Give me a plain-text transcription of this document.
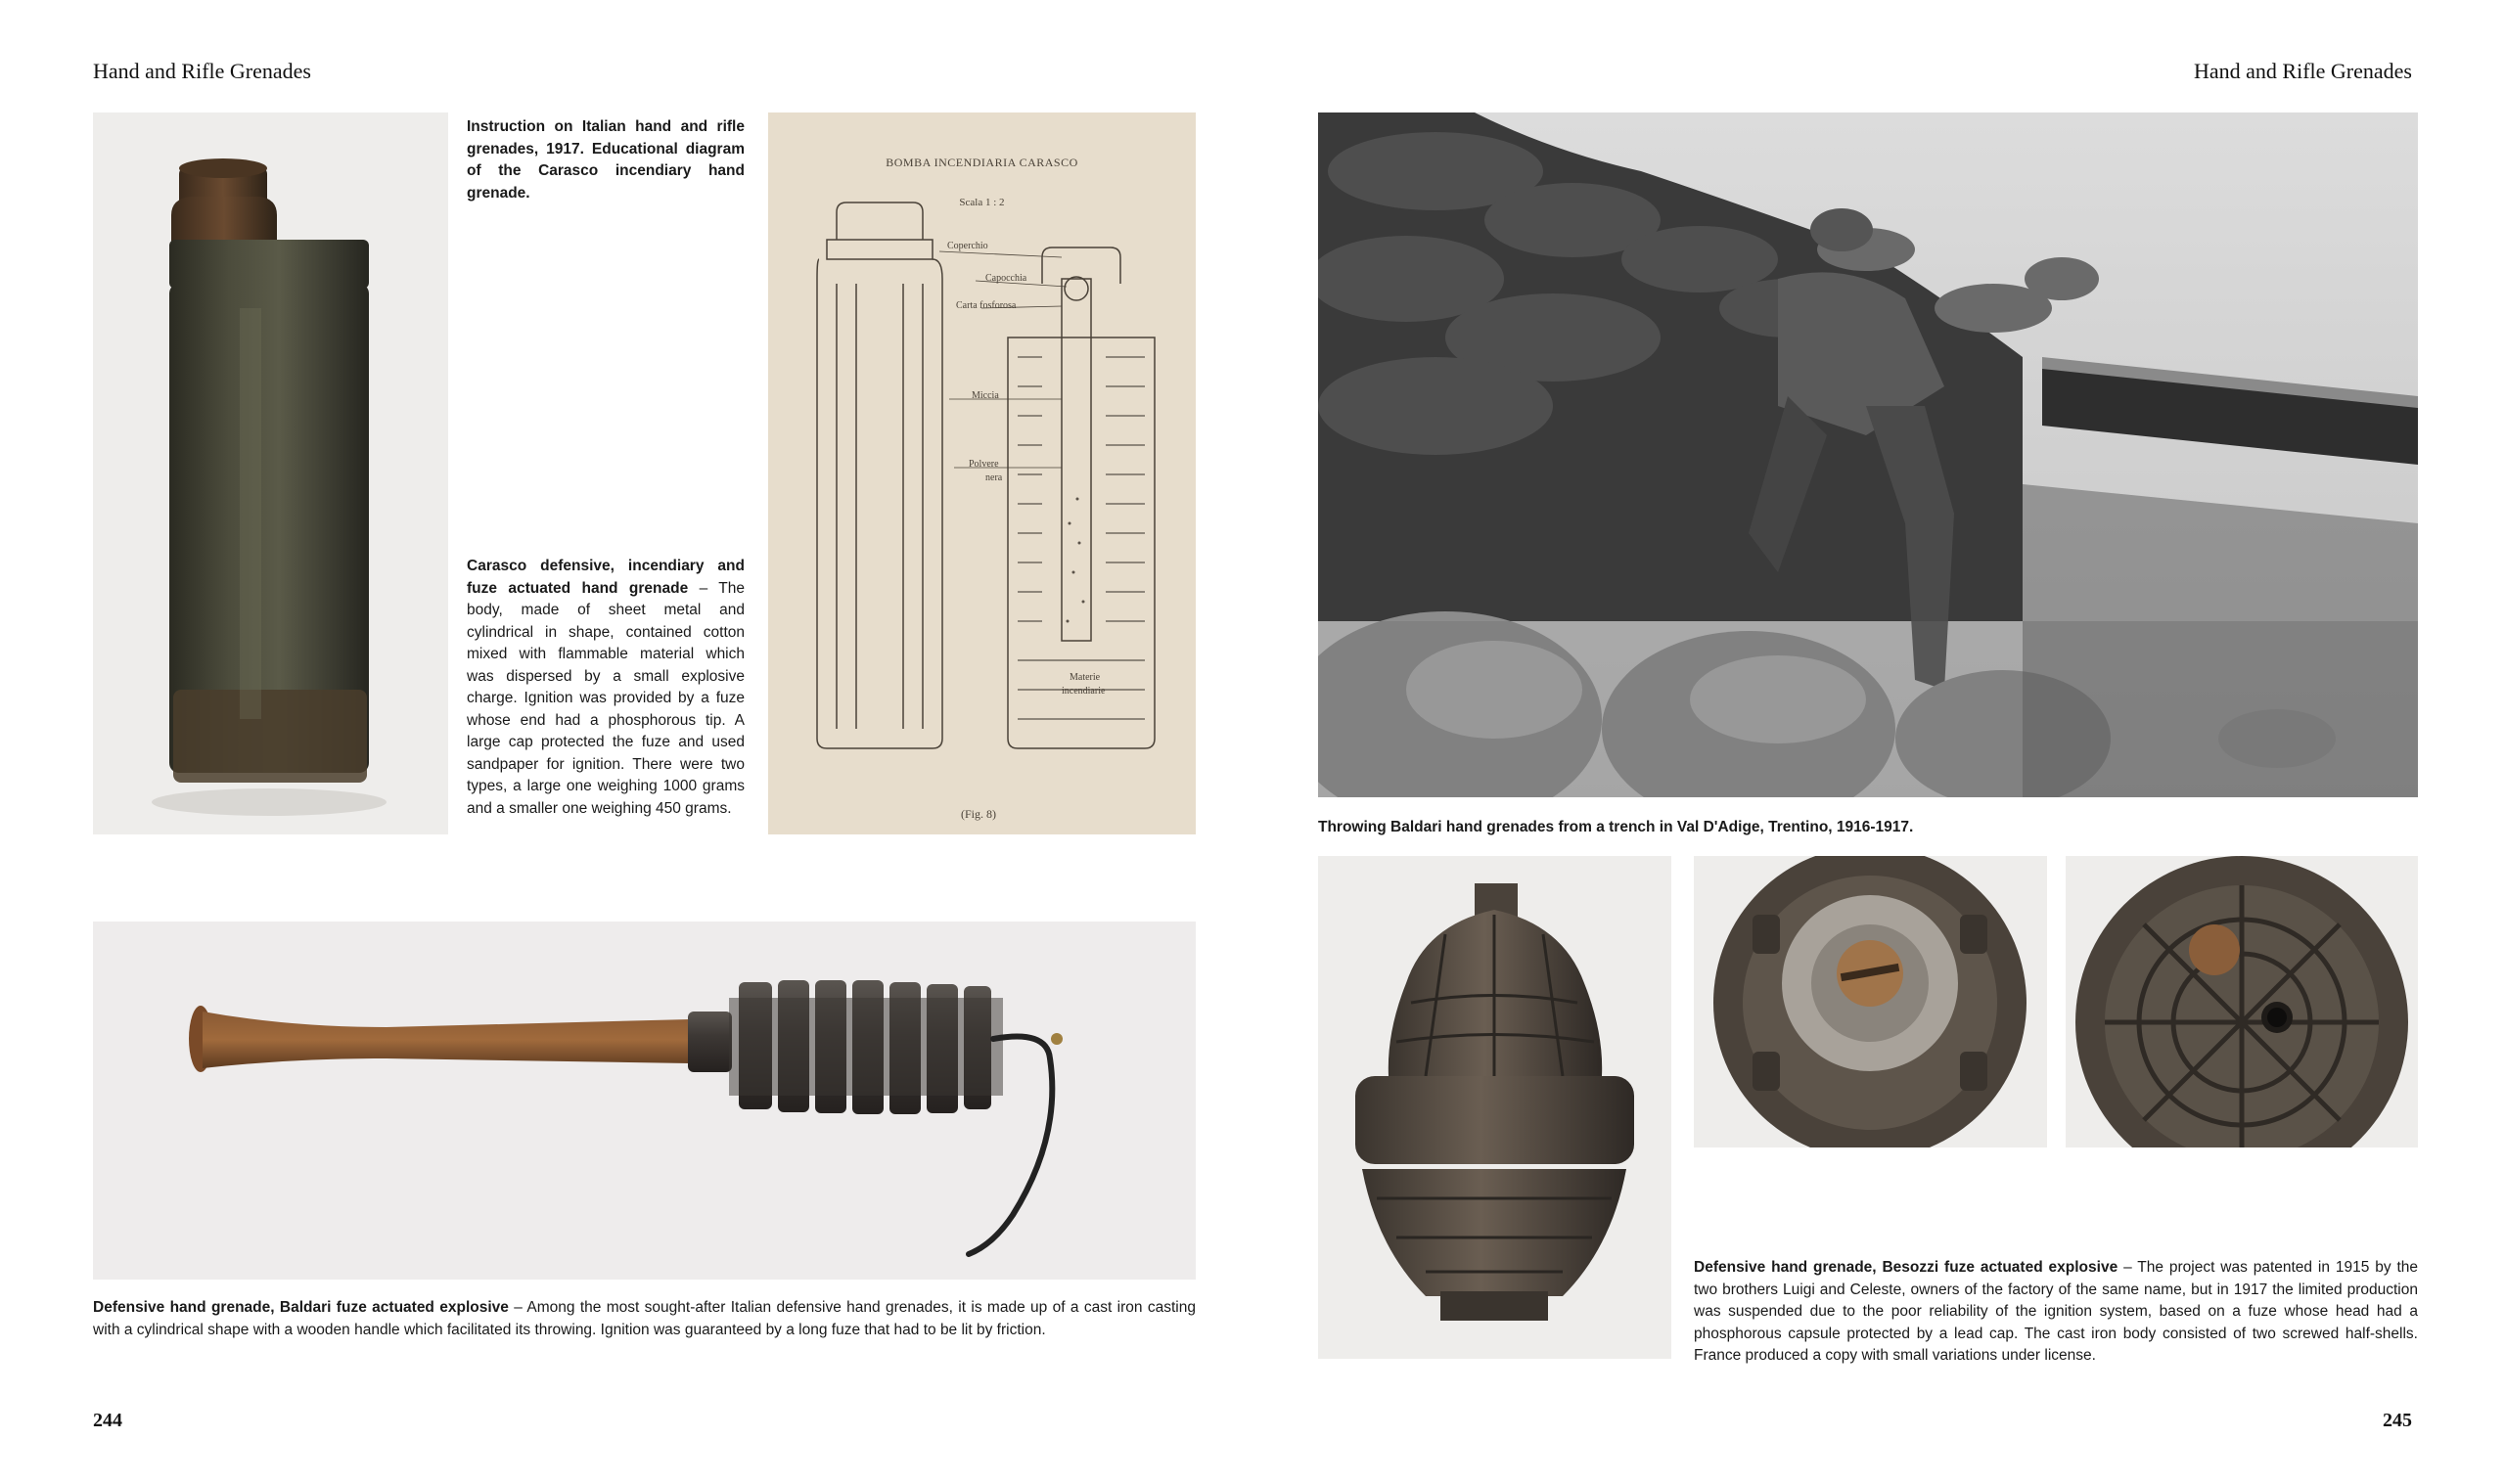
Hand and Rifle Grenades
Instruction on Italian hand and rifle grenades, 1917. Educational diagram of the Carasco incendiary hand grenade.
Carasco defensive, incendiary and fuze actuated hand grenade – The body, made of sheet metal and cylindrical in shape, contained cotton mixed with flammable material which was dispersed by a small explosive charge. Ignition was provided by a fuze whose end had a phosphorous tip. A large cap protected the fuze and used sandpaper for ignition. There were two types, a large one weighing 1000 grams and a smaller one weighing 450 grams.
BOMBA INCENDIARIA CARASCO
Scala 1 : 2
Coperchio
Capocchia
Carta fosforosa
Miccia
Polvere
nera
Materie
incendiarie
(Fig. 8)
Defensive hand grenade, Baldari fuze actuated explosive – Among the most sought-after Italian defensive hand grenades, it is made up of a cast iron casting with a cylindrical shape with a wooden handle which facilitated its throwing. Ignition was guaranteed by a long fuze that had to be lit by friction.
244
Hand and Rifle Grenades
Throwing Baldari hand grenades from a trench in Val D'Adige, Trentino, 1916-1917.
Defensive hand grenade, Besozzi fuze actuated explosive – The project was patented in 1915 by the two brothers Luigi and Celeste, owners of the factory of the same name, but in 1917 the limited production was suspended due to the poor reliability of the ignition system, based on a fuze whose head had a phosphorous capsule protected by a lead cap. The cast iron body consisted of two screwed half-shells. France produced a copy with small variations under license.
245
